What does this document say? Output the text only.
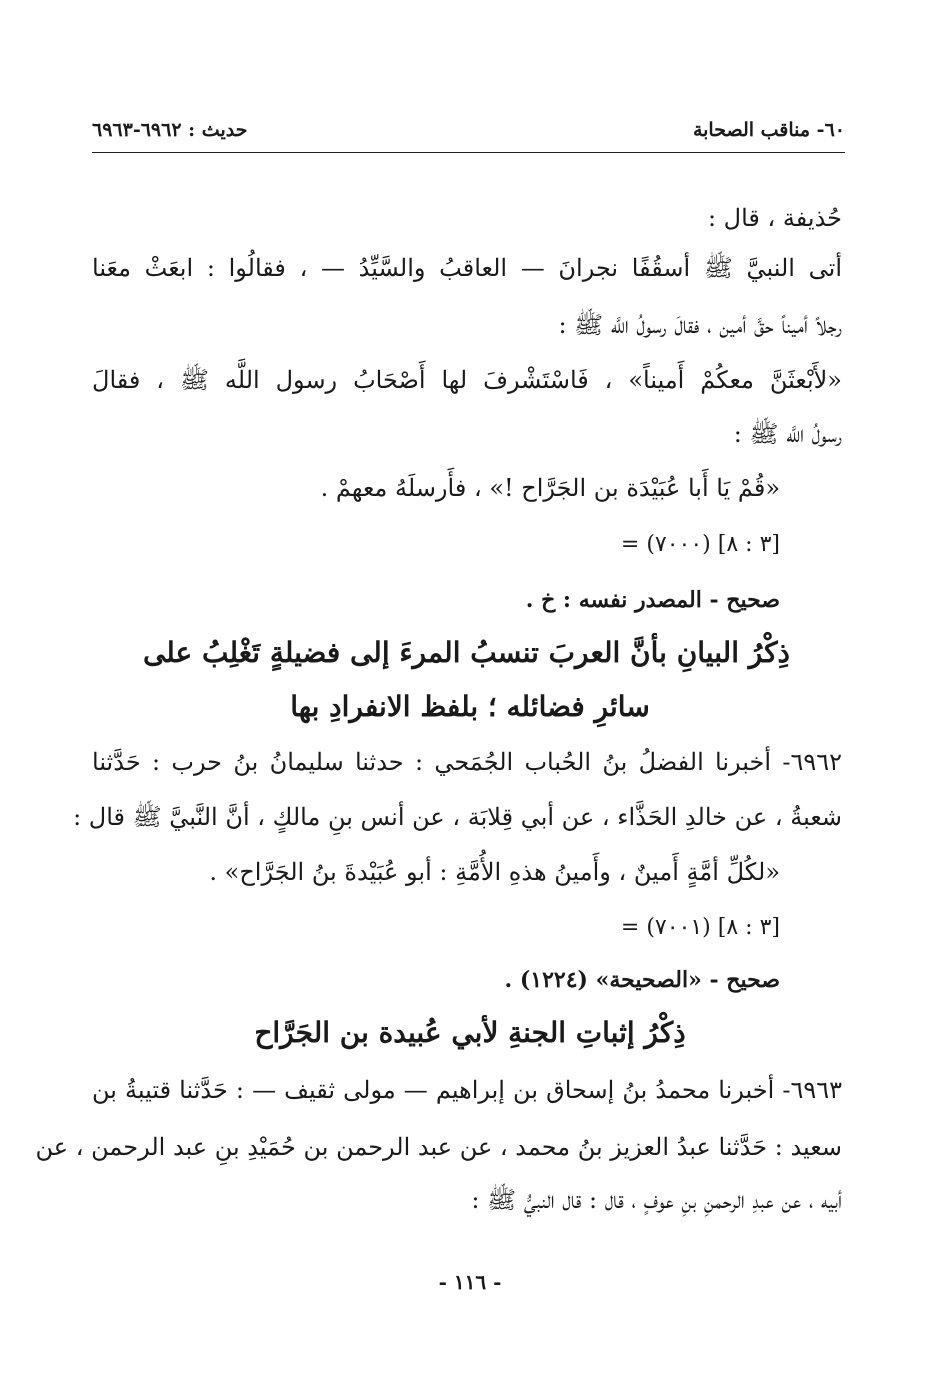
٦٠- مناقب الصحابة
حديث : ٦٩٦٢-٦٩٦٣
حُذيفة ، قال :
أتى النبيَّ ﷺ أسقُفًا نجرانَ — العاقبُ والسَّيِّدُ — ، فقالُوا : ابعَثْ معَنا
رجلاً أميناً حقَّ أمين ، فقالَ رسولُ اللَّه ﷺ :
«لأَبْعثَنَّ معكُمْ أَميناً» ، فَاسْتَشْرفَ لها أَصْحَابُ رسول اللَّه ﷺ ، فقالَ
رسولُ اللَّه ﷺ :
«قُمْ يَا أَبا عُبَيْدَة بن الجَرَّاح !» ، فأَرسلَهُ معهمْ .
= (٧٠٠٠) [٣ : ٨]
صحيح - المصدر نفسه : خ .
ذِكْرُ البيانِ بأنَّ العربَ تنسبُ المرءَ إلى فضيلةٍ تَغْلِبُ على
سائرِ فضائله ؛ بلفظ الانفرادِ بها
٦٩٦٢- أخبرنا الفضلُ بنُ الحُباب الجُمَحي : حدثنا سليمانُ بنُ حرب : حَدَّثنا
شعبةُ ، عن خالدِ الحَذَّاء ، عن أبي قِلابَة ، عن أنس بنِ مالكٍ ، أنَّ النَّبيَّ ﷺ قال :
«لكُلِّ أمَّةٍ أَمينٌ ، وأَمينُ هذهِ الأُمَّةِ : أبو عُبَيْدةَ بنُ الجَرَّاح» .
= (٧٠٠١) [٣ : ٨]
صحيح - «الصحيحة» (١٢٢٤) .
ذِكْرُ إثباتِ الجنةِ لأبي عُبيدة بن الجَرَّاح
٦٩٦٣- أخبرنا محمدُ بنُ إسحاق بن إبراهيم — مولى ثقيف — : حَدَّثنا قتيبةُ بن
سعيد : حَدَّثنا عبدُ العزيز بنُ محمد ، عن عبد الرحمن بن حُمَيْدِ بنِ عبد الرحمن ، عن
أبيه ، عن عبدِ الرحمنِ بنِ عوفٍ ، قال : قال النبيُّ ﷺ :
- ١١٦ -
